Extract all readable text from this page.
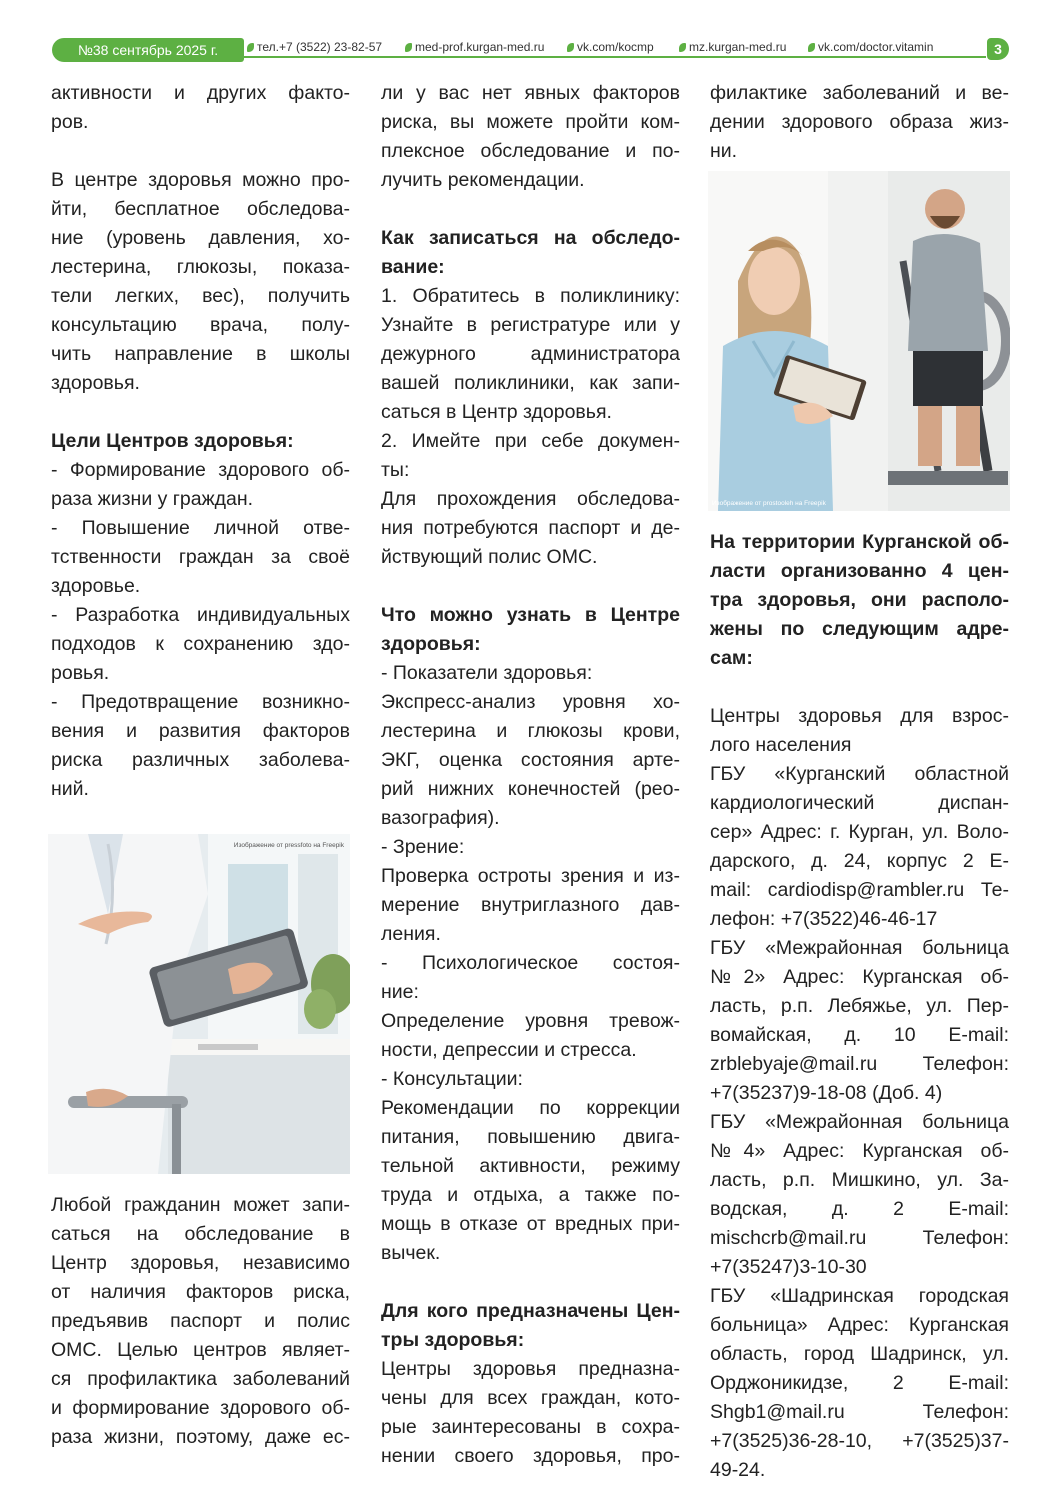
№38 сентябрь 2025 г.	тел.+7 (3522) 23-82-57	med-prof.kurgan-med.ru	vk.com/kocmp	mz.kurgan-med.ru	vk.com/doctor.vitamin	3
активности и других факто-
ров.
В центре здоровья можно про-
йти, бесплатное обследова-
ние (уровень давления, хо-
лестерина, глюкозы, показа-
тели легких, вес), получить
консультацию врача, полу-
чить направление в школы
здоровья.
Цели Центров здоровья:
- Формирование здорового об-
раза жизни у граждан.
- Повышение личной отве-
тственности граждан за своё
здоровье.
- Разработка индивидуальных
подходов к сохранению здо-
ровья.
- Предотвращение возникно-
вения и развития факторов
риска различных заболева-
ний.
Изображение от pressfoto на Freepik
Любой гражданин может запи-
саться на обследование в
Центр здоровья, независимо
от наличия факторов риска,
предъявив паспорт и полис
ОМС. Целью центров являет-
ся профилактика заболеваний
и формирование здорового об-
раза жизни, поэтому, даже ес-
ли у вас нет явных факторов
риска, вы можете пройти ком-
плексное обследование и по-
лучить рекомендации.
Как записаться на обследо-
вание:
1. Обратитесь в поликлинику:
Узнайте в регистратуре или у
дежурного администратора
вашей поликлиники, как запи-
саться в Центр здоровья.
2. Имейте при себе докумен-
ты:
Для прохождения обследова-
ния потребуются паспорт и де-
йствующий полис ОМС.
Что можно узнать в Центре
здоровья:
- Показатели здоровья:
Экспресс-анализ уровня хо-
лестерина и глюкозы крови,
ЭКГ, оценка состояния арте-
рий нижних конечностей (рео-
вазография).
- Зрение:
Проверка остроты зрения и из-
мерение внутриглазного дав-
ления.
- Психологическое состоя-
ние:
Определение уровня тревож-
ности, депрессии и стресса.
- Консультации:
Рекомендации по коррекции
питания, повышению двига-
тельной активности, режиму
труда и отдыха, а также по-
мощь в отказе от вредных при-
вычек.
Для кого предназначены Цен-
тры здоровья:
Центры здоровья предназна-
чены для всех граждан, кото-
рые заинтересованы в сохра-
нении своего здоровья, про-
филактике заболеваний и ве-
дении здорового образа жиз-
ни.
Изображение от prostooleh на Freepik
На территории Курганской об-
ласти организованно 4 цен-
тра здоровья, они располо-
жены по следующим адре-
сам:
Центры здоровья для взрос-
лого населения
ГБУ «Курганский областной
кардиологический диспан-
сер» Адрес: г. Курган, ул. Воло-
дарского, д. 24, корпус 2 E-
mail: cardiodisp@rambler.ru Те-
лефон: +7(3522)46-46-17
ГБУ «Межрайонная больница
№2» Адрес: Курганская об-
ласть, р.п. Лебяжье, ул. Пер-
вомайская, д. 10 E-mail:
zrblebyaje@mail.ru Телефон:
+7(35237)9-18-08 (Доб. 4)
ГБУ «Межрайонная больница
№4» Адрес: Курганская об-
ласть, р.п. Мишкино, ул. За-
водская, д. 2 E-mail:
mischcrb@mail.ru Телефон:
+7(35247)3-10-30
ГБУ «Шадринская городская
больница» Адрес: Курганская
область, город Шадринск, ул.
Орджоникидзе, 2 E-mail:
Shgb1@mail.ru Телефон:
+7(3525)36-28-10, +7(3525)37-
49-24.
